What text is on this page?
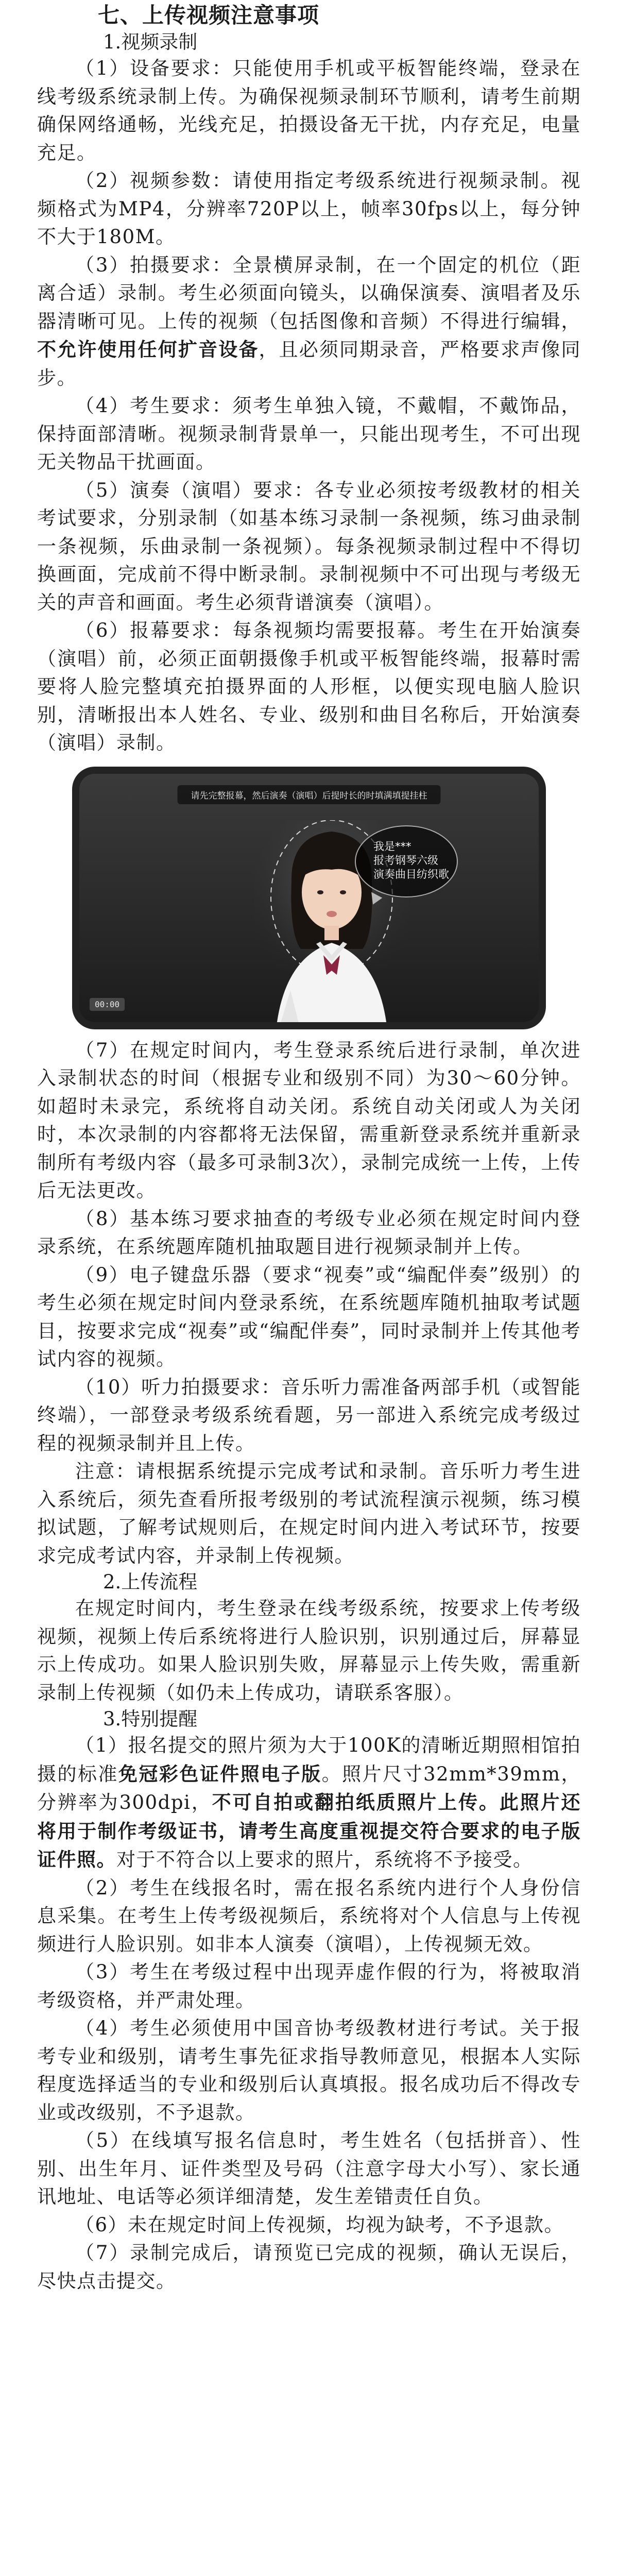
七、上传视频注意事项
1.视频录制

（1）设备要求：只能使用手机或平板智能终端，登录在线考级系统录制上传。为确保视频录制环节顺利，请考生前期确保网络通畅，光线充足，拍摄设备无干扰，内存充足，电量充足。

（2）视频参数：请使用指定考级系统进行视频录制。视频格式为MP4，分辨率720P以上，帧率30fps以上，每分钟不大于180M。

（3）拍摄要求：全景横屏录制，在一个固定的机位（距离合适）录制。考生必须面向镜头，以确保演奏、演唱者及乐器清晰可见。上传的视频（包括图像和音频）不得进行编辑，不允许使用任何扩音设备，且必须同期录音，严格要求声像同步。

（4）考生要求：须考生单独入镜，不戴帽，不戴饰品，保持面部清晰。视频录制背景单一，只能出现考生，不可出现无关物品干扰画面。

（5）演奏（演唱）要求：各专业必须按考级教材的相关考试要求，分别录制（如基本练习录制一条视频，练习曲录制一条视频，乐曲录制一条视频）。每条视频录制过程中不得切换画面，完成前不得中断录制。录制视频中不可出现与考级无关的声音和画面。考生必须背谱演奏（演唱）。

（6）报幕要求：每条视频均需要报幕。考生在开始演奏（演唱）前，必须正面朝摄像手机或平板智能终端，报幕时需要将人脸完整填充拍摄界面的人形框，以便实现电脑人脸识别，清晰报出本人姓名、专业、级别和曲目名称后，开始演奏（演唱）录制。

请先完整报幕，然后演奏（演唱）后提时长的时填满填提挂柱
我是***
报考钢琴六级
演奏曲目纺织歌
00:00

（7）在规定时间内，考生登录系统后进行录制，单次进入录制状态的时间（根据专业和级别不同）为30～60分钟。如超时未录完，系统将自动关闭。系统自动关闭或人为关闭时，本次录制的内容都将无法保留，需重新登录系统并重新录制所有考级内容（最多可录制3次），录制完成统一上传，上传后无法更改。

（8）基本练习要求抽查的考级专业必须在规定时间内登录系统，在系统题库随机抽取题目进行视频录制并上传。

（9）电子键盘乐器（要求“视奏”或“编配伴奏”级别）的考生必须在规定时间内登录系统，在系统题库随机抽取考试题目，按要求完成“视奏”或“编配伴奏”，同时录制并上传其他考试内容的视频。

（10）听力拍摄要求：音乐听力需准备两部手机（或智能终端），一部登录考级系统看题，另一部进入系统完成考级过程的视频录制并且上传。

注意：请根据系统提示完成考试和录制。音乐听力考生进入系统后，须先查看所报考级别的考试流程演示视频，练习模拟试题，了解考试规则后，在规定时间内进入考试环节，按要求完成考试内容，并录制上传视频。

2.上传流程

在规定时间内，考生登录在线考级系统，按要求上传考级视频，视频上传后系统将进行人脸识别，识别通过后，屏幕显示上传成功。如果人脸识别失败，屏幕显示上传失败，需重新录制上传视频（如仍未上传成功，请联系客服）。

3.特别提醒

（1）报名提交的照片须为大于100K的清晰近期照相馆拍摄的标准免冠彩色证件照电子版。照片尺寸32mm*39mm，分辨率为300dpi，不可自拍或翻拍纸质照片上传。此照片还将用于制作考级证书，请考生高度重视提交符合要求的电子版证件照。对于不符合以上要求的照片，系统将不予接受。

（2）考生在线报名时，需在报名系统内进行个人身份信息采集。在考生上传考级视频后，系统将对个人信息与上传视频进行人脸识别。如非本人演奏（演唱），上传视频无效。

（3）考生在考级过程中出现弄虚作假的行为，将被取消考级资格，并严肃处理。

（4）考生必须使用中国音协考级教材进行考试。关于报考专业和级别，请考生事先征求指导教师意见，根据本人实际程度选择适当的专业和级别后认真填报。报名成功后不得改专业或改级别，不予退款。

（5）在线填写报名信息时，考生姓名（包括拼音）、性别、出生年月、证件类型及号码（注意字母大小写）、家长通讯地址、电话等必须详细清楚，发生差错责任自负。

（6）未在规定时间上传视频，均视为缺考，不予退款。

（7）录制完成后，请预览已完成的视频，确认无误后，尽快点击提交。
